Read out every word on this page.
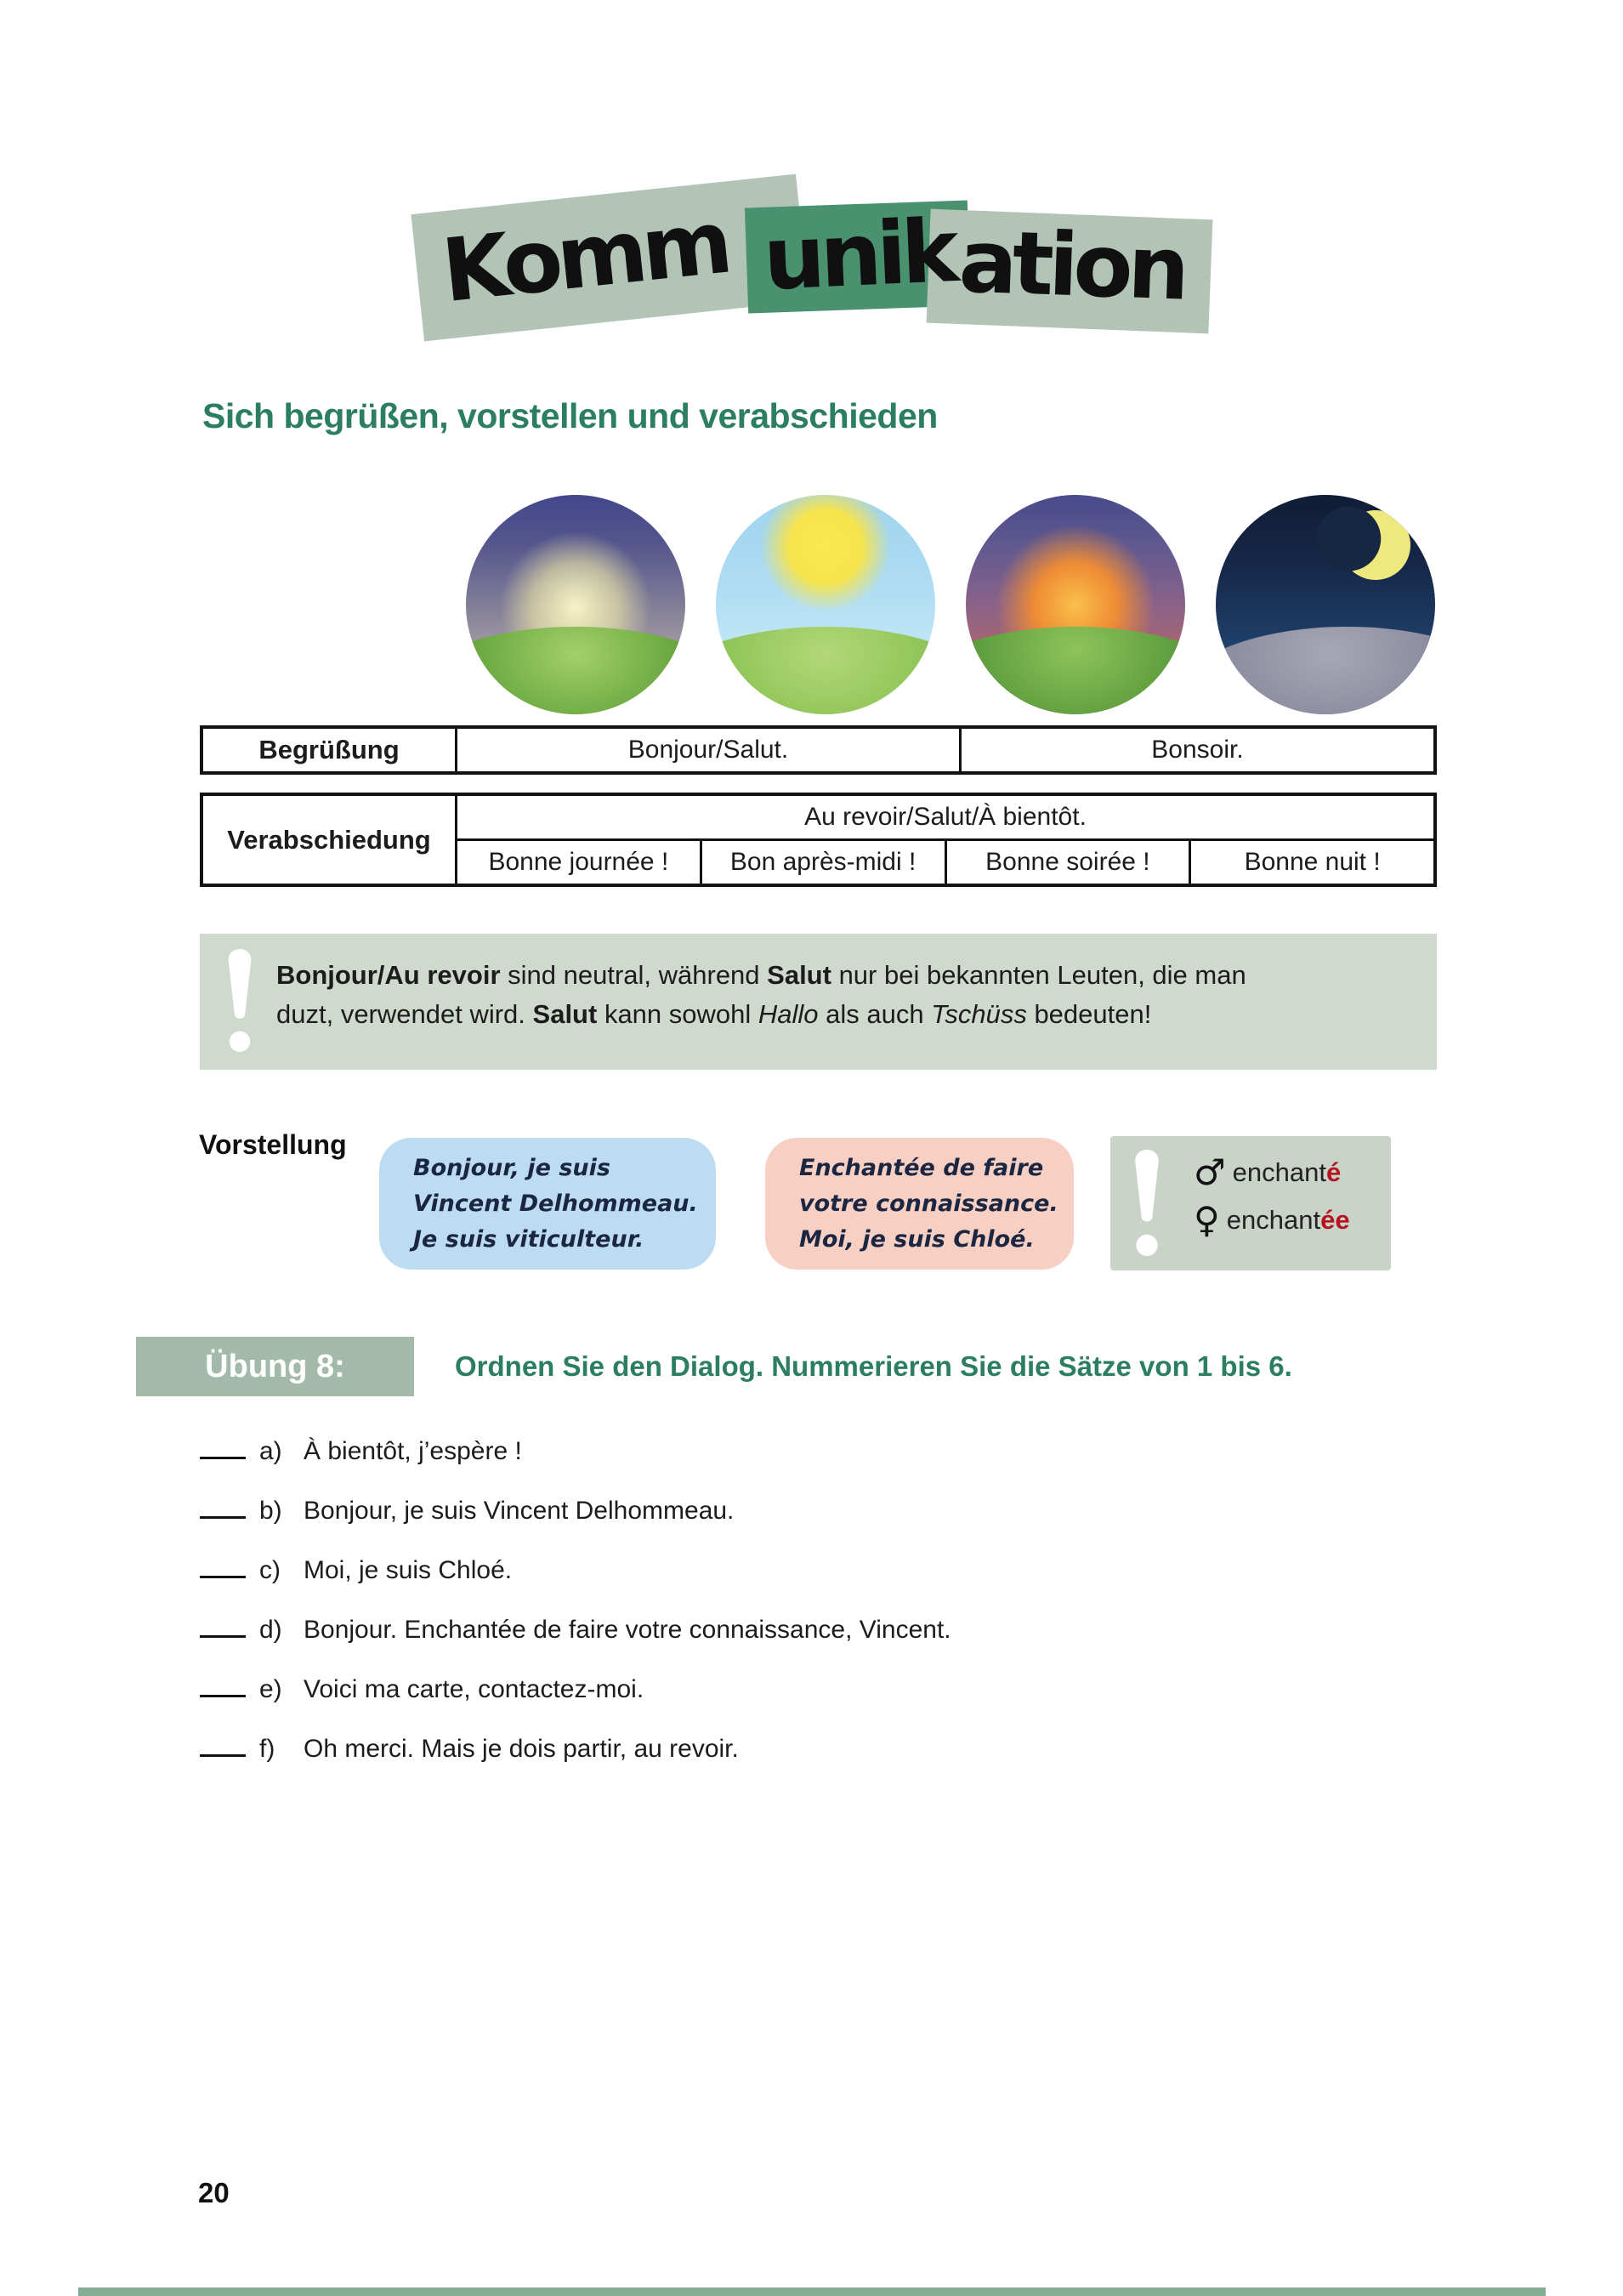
Komm unik ation
Sich begrüßen, vorstellen und verabschieden
Begrüßung	Bonjour/Salut.	Bonsoir.
Verabschiedung
Au revoir/Salut/À bientôt.
Bonne journée !	Bon après-midi !	Bonne soirée !	Bonne nuit !

Bonjour/Au revoir sind neutral, während Salut nur bei bekannten Leuten, die man
duzt, verwendet wird. Salut kann sowohl Hallo als auch Tschüss bedeuten!

Vorstellung
Bonjour, je suis
Vincent Delhommeau.
Je suis viticulteur.
Enchantée de faire
votre connaissance.
Moi, je suis Chloé.
♂ enchanté
♀ enchantée
Übung 8:	Ordnen Sie den Dialog. Nummerieren Sie die Sätze von 1 bis 6.
a) À bientôt, j’espère !
b) Bonjour, je suis Vincent Delhommeau.
c) Moi, je suis Chloé.
d) Bonjour. Enchantée de faire votre connaissance, Vincent.
e) Voici ma carte, contactez-moi.
f) Oh merci. Mais je dois partir, au revoir.
20
